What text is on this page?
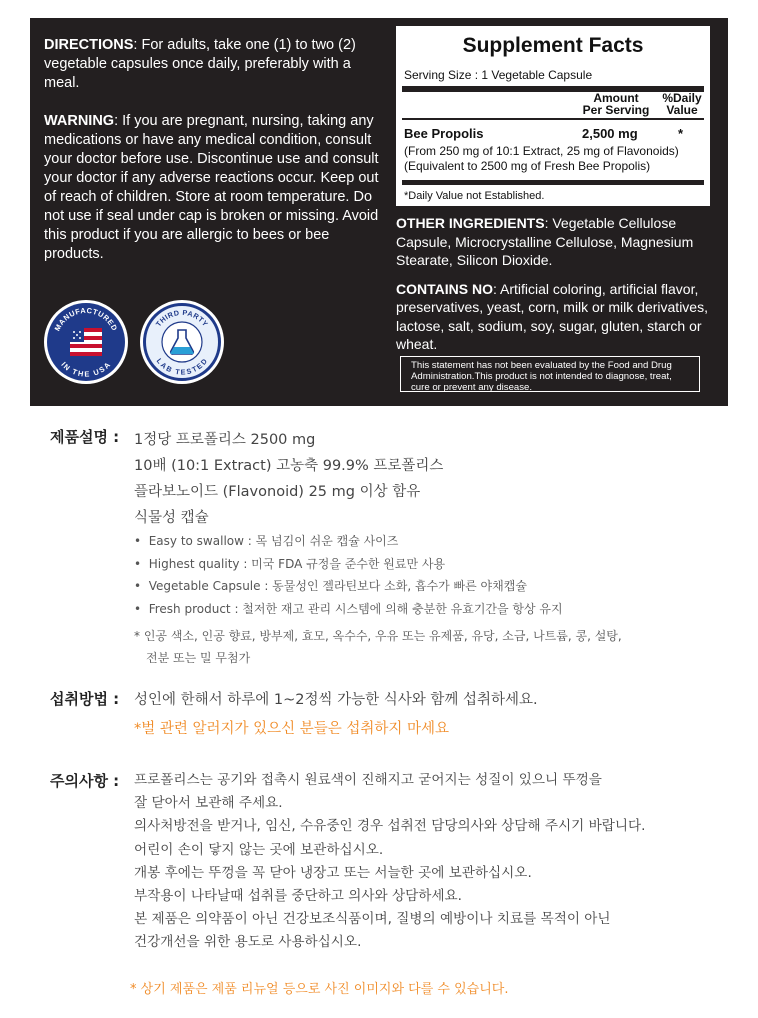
DIRECTIONS: For adults, take one (1) to two (2) vegetable capsules once daily, preferably with a meal.

WARNING: If you are pregnant, nursing, taking any medications or have any medical condition, consult your doctor before use. Discontinue use and consult your doctor if any adverse reactions occur. Keep out of reach of children. Store at room temperature. Do not use if seal under cap is broken or missing. Avoid this product if you are allergic to bees or bee products.

MANUFACTURED
IN THE USA
THIRD PARTY
LAB TESTED
Supplement Facts
Serving Size : 1 Vegetable Capsule
Amount
Per Serving
%Daily
Value
Bee Propolis	2,500 mg	*
(From 250 mg of 10:1 Extract, 25 mg of Flavonoids)
(Equivalent to 2500 mg of Fresh Bee Propolis)
*Daily Value not Established.

OTHER INGREDIENTS: Vegetable Cellulose Capsule, Microcrystalline Cellulose, Magnesium Stearate, Silicon Dioxide.

CONTAINS NO: Artificial coloring, artificial flavor, preservatives, yeast, corn, milk or milk derivatives, lactose, salt, sodium, soy, sugar, gluten, starch or wheat.

This statement has not been evaluated by the Food and Drug Administration.This product is not intended to diagnose, treat, cure or prevent any disease.
제품설명 : 1정당 프로폴리스 2500 mg
10배 (10:1 Extract) 고농축 99.9% 프로폴리스
플라보노이드 (Flavonoid) 25 mg 이상 함유
식물성 캡슐
•  Easy to swallow : 목 넘김이 쉬운 캡슐 사이즈
•  Highest quality : 미국 FDA 규정을 준수한 원료만 사용
•  Vegetable Capsule : 동물성인 젤라틴보다 소화, 흡수가 빠른 야채캡슐
•  Fresh product : 철저한 재고 관리 시스템에 의해 충분한 유효기간을 항상 유지
* 인공 색소, 인공 향료, 방부제, 효모, 옥수수, 우유 또는 유제품, 유당, 소금, 나트륨, 콩, 설탕,
전분 또는 밀 무첨가
섭취방법 : 성인에 한해서 하루에 1~2정씩 가능한 식사와 함께 섭취하세요.
*벌 관련 알러지가 있으신 분들은 섭취하지 마세요
주의사항 : 프로폴리스는 공기와 접촉시 원료색이 진해지고 굳어지는 성질이 있으니 뚜껑을
잘 닫아서 보관해 주세요.
의사처방전을 받거나, 임신, 수유중인 경우 섭취전 담당의사와 상담해 주시기 바랍니다.
어린이 손이 닿지 않는 곳에 보관하십시오.
개봉 후에는 뚜껑을 꼭 닫아 냉장고 또는 서늘한 곳에 보관하십시오.
부작용이 나타날때 섭취를 중단하고 의사와 상담하세요.
본 제품은 의약품이 아닌 건강보조식품이며, 질병의 예방이나 치료를 목적이 아닌
건강개선을 위한 용도로 사용하십시오.
* 상기 제품은 제품 리뉴얼 등으로 사진 이미지와 다를 수 있습니다.
